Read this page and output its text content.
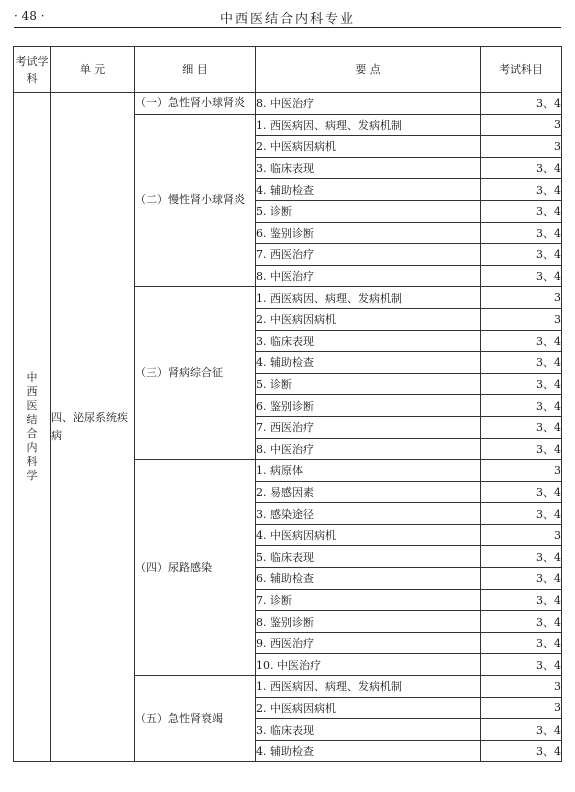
· 48 ·	中西医结合内科专业
考试学科	单 元	细 目	要 点	考试科目
中西医结合内科学	四、泌尿系统疾病	（一）急性肾小球肾炎	8. 中医治疗	3、4

		（二）慢性肾小球肾炎	1. 西医病因、病理、发病机制	3
			2. 中医病因病机	3
			3. 临床表现	3、4
			4. 辅助检查	3、4
			5. 诊断	3、4
			6. 鉴别诊断	3、4
			7. 西医治疗	3、4
			8. 中医治疗	3、4

		（三）肾病综合征	1. 西医病因、病理、发病机制	3
			2. 中医病因病机	3
			3. 临床表现	3、4
			4. 辅助检查	3、4
			5. 诊断	3、4
			6. 鉴别诊断	3、4
			7. 西医治疗	3、4
			8. 中医治疗	3、4

		（四）尿路感染	1. 病原体	3
			2. 易感因素	3、4
			3. 感染途径	3、4
			4. 中医病因病机	3
			5. 临床表现	3、4
			6. 辅助检查	3、4
			7. 诊断	3、4
			8. 鉴别诊断	3、4
			9. 西医治疗	3、4
			10. 中医治疗	3、4

		（五）急性肾衰竭	1. 西医病因、病理、发病机制	3
			2. 中医病因病机	3
			3. 临床表现	3、4
			4. 辅助检查	3、4
